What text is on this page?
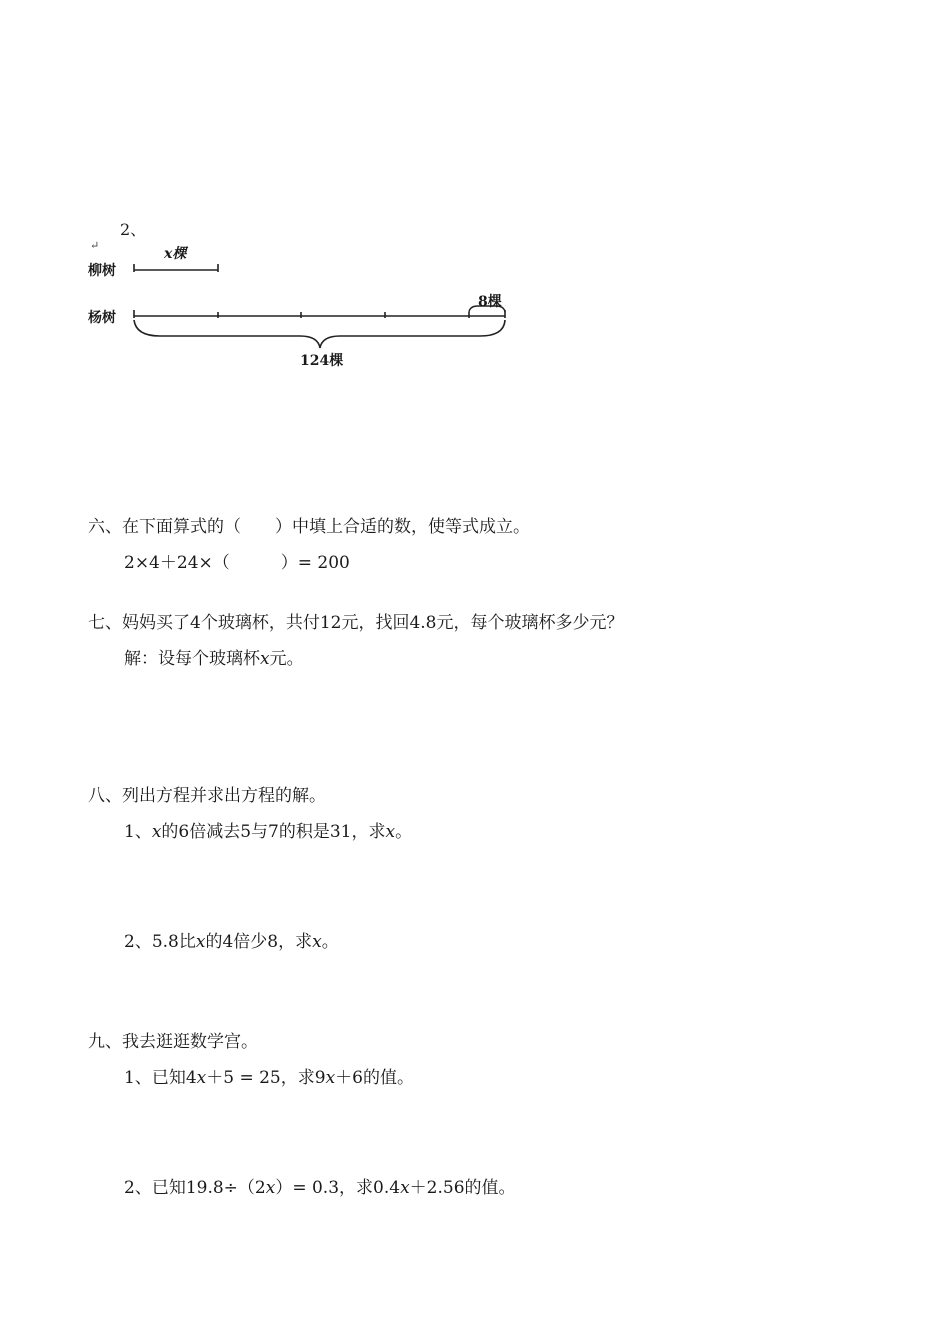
2、
↵
柳树
x棵
杨树
8棵
124棵
六、在下面算式的（　　）中填上合适的数，使等式成立。
2×4＋24×（　　　）= 200
七、妈妈买了4个玻璃杯，共付12元，找回4.8元，每个玻璃杯多少元？
解：设每个玻璃杯x元。
八、列出方程并求出方程的解。
1、x的6倍减去5与7的积是31，求x。
2、5.8比x的4倍少8，求x。
九、我去逛逛数学宫。
1、已知4x＋5 = 25，求9x＋6的值。
2、已知19.8÷（2x）= 0.3，求0.4x＋2.56的值。
